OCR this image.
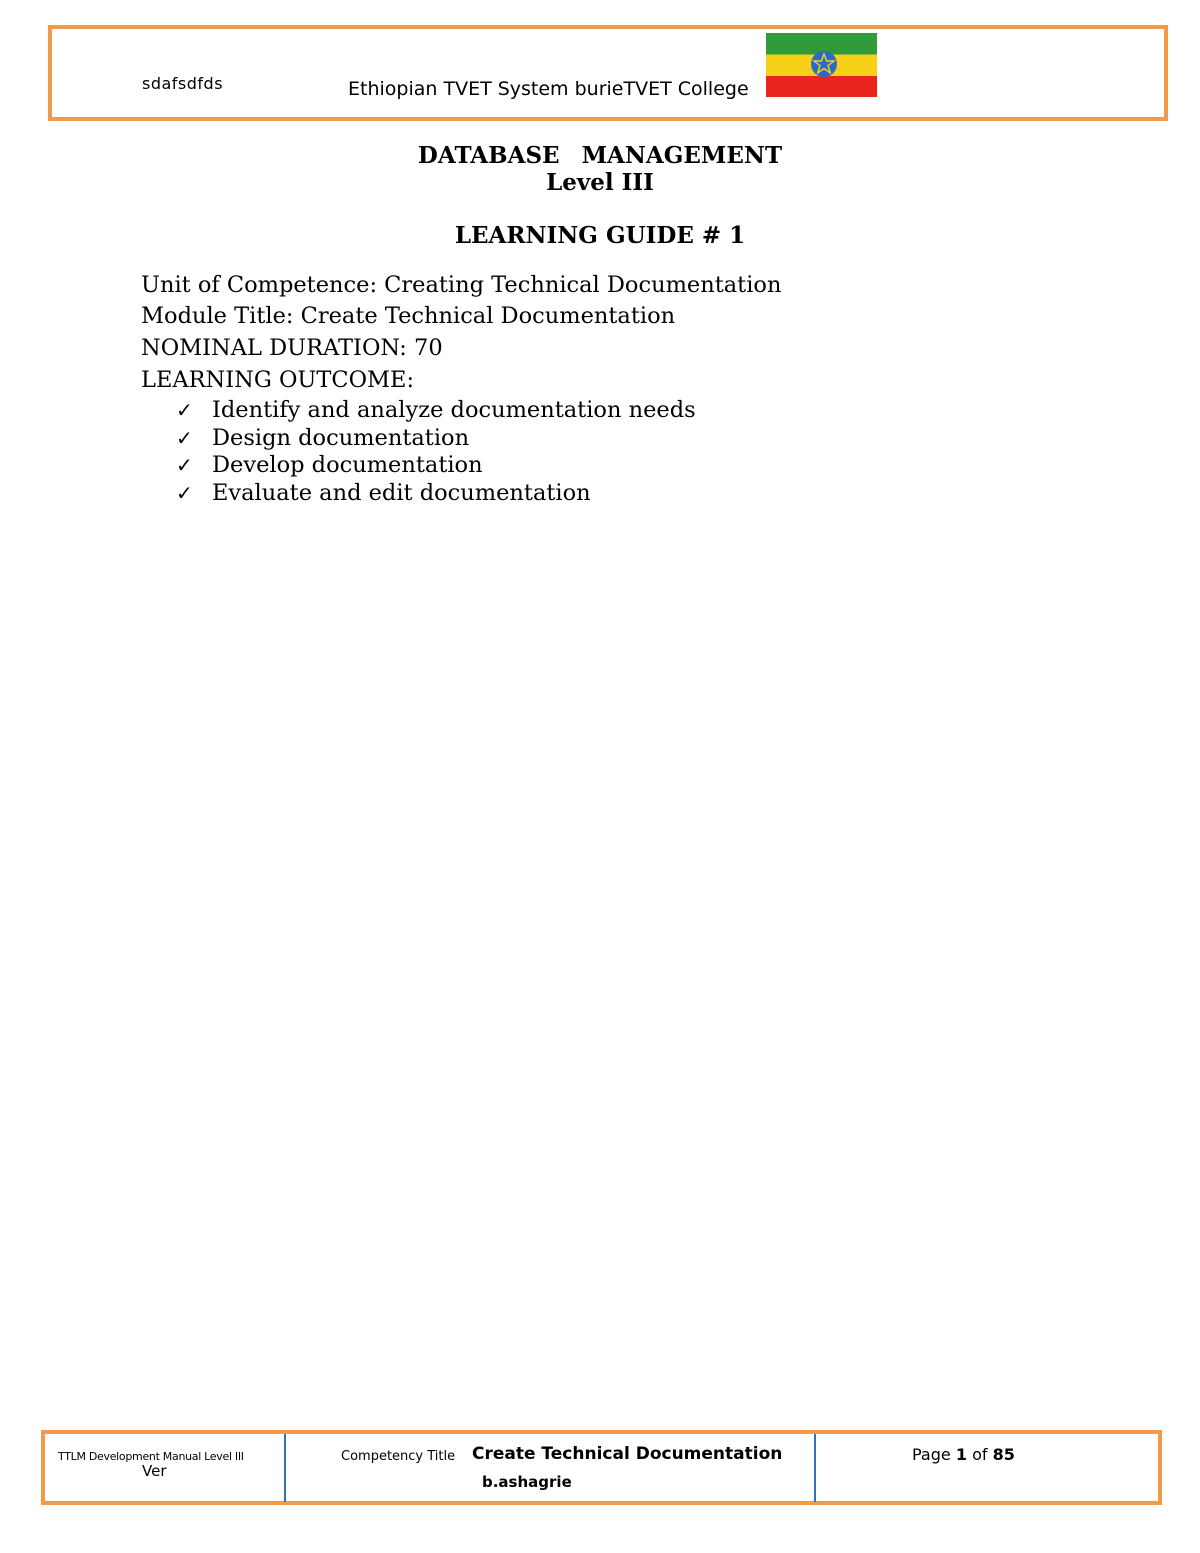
sdafsdfds	Ethiopian TVET System burieTVET College
DATABASE MANAGEMENT
Level III
LEARNING GUIDE # 1
Unit of Competence: Creating Technical Documentation
Module Title: Create Technical Documentation
NOMINAL DURATION: 70
LEARNING OUTCOME:
✓ Identify and analyze documentation needs
✓ Design documentation
✓ Develop documentation
✓ Evaluate and edit documentation
TTLM Development Manual Level III
Ver
Competency Title Create Technical Documentation
b.ashagrie
Page 1 of 85
